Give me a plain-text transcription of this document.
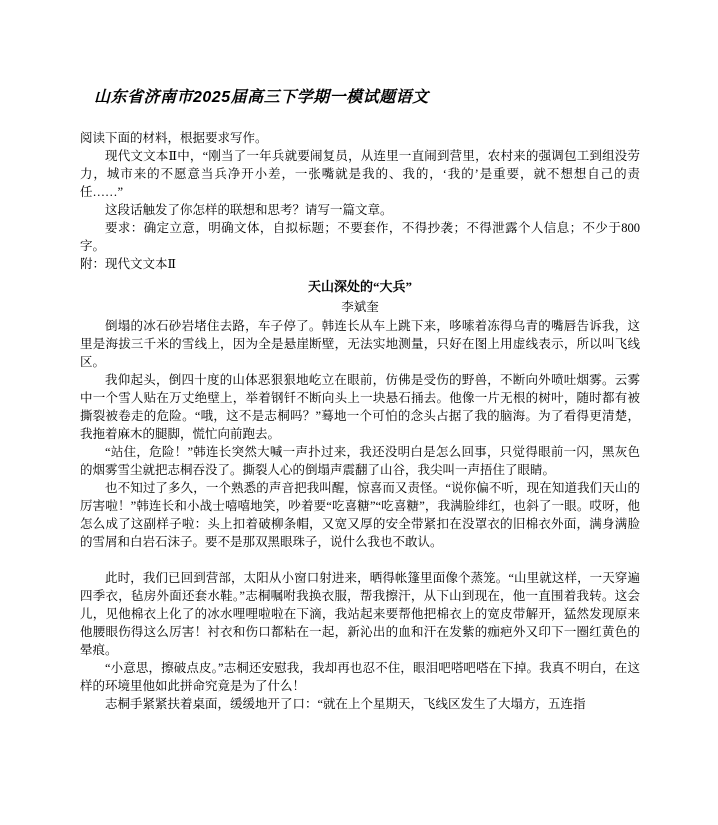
山东省济南市2025届高三下学期一模试题语文

阅读下面的材料，根据要求写作。

现代文文本Ⅱ中，“刚当了一年兵就要闹复员，从连里一直闹到营里，农村来的强调包工到组没劳力，城市来的不愿意当兵净开小差，一张嘴就是我的、我的，‘我的’是重要，就不想想自己的责任……”

这段话触发了你怎样的联想和思考？请写一篇文章。

要求：确定立意，明确文体，自拟标题；不要套作，不得抄袭；不得泄露个人信息；不少于800字。

附：现代文文本Ⅱ

天山深处的“大兵”
李斌奎

倒塌的冰石砂岩堵住去路，车子停了。韩连长从车上跳下来，哆嗦着冻得乌青的嘴唇告诉我，这里是海拔三千米的雪线上，因为全是悬崖断壁，无法实地测量，只好在图上用虚线表示，所以叫飞线区。

我仰起头，倒四十度的山体恶狠狠地屹立在眼前，仿佛是受伤的野兽，不断向外喷吐烟雾。云雾中一个雪人贴在万丈绝壁上，举着钢钎不断向头上一块悬石捅去。他像一片无根的树叶，随时都有被撕裂被卷走的危险。“哦，这不是志桐吗？”蓦地一个可怕的念头占据了我的脑海。为了看得更清楚，我拖着麻木的腿脚，慌忙向前跑去。

“站住，危险！”韩连长突然大喊一声扑过来，我还没明白是怎么回事，只觉得眼前一闪，黑灰色的烟雾雪尘就把志桐吞没了。撕裂人心的倒塌声震翻了山谷，我尖叫一声捂住了眼睛。

也不知过了多久，一个熟悉的声音把我叫醒，惊喜而又责怪。“说你偏不听，现在知道我们天山的厉害啦！”韩连长和小战士嘻嘻地笑，吵着要“吃喜糖”“吃喜糖”，我满脸绯红，也斜了一眼。哎呀，他怎么成了这副样子啦：头上扣着破柳条帽，又宽又厚的安全带紧扣在没罩衣的旧棉衣外面，满身满脸的雪屑和白岩石沫子。要不是那双黑眼珠子，说什么我也不敢认。

此时，我们已回到营部，太阳从小窗口射进来，晒得帐篷里面像个蒸笼。“山里就这样，一天穿遍四季衣，毡房外面还套水鞋。”志桐嘱咐我换衣服，帮我擦汗，从下山到现在，他一直围着我转。这会儿，见他棉衣上化了的冰水哩哩啦啦在下滴，我站起来要帮他把棉衣上的宽皮带解开，猛然发现原来他腰眼伤得这么厉害！衬衣和伤口都粘在一起，新沁出的血和汗在发紫的痂疤外又印下一圈红黄色的晕痕。

“小意思，擦破点皮。”志桐还安慰我，我却再也忍不住，眼泪吧嗒吧嗒在下掉。我真不明白，在这样的环境里他如此拼命究竟是为了什么！

志桐手紧紧扶着桌面，缓缓地开了口：“就在上个星期天，飞线区发生了大塌方，五连指
